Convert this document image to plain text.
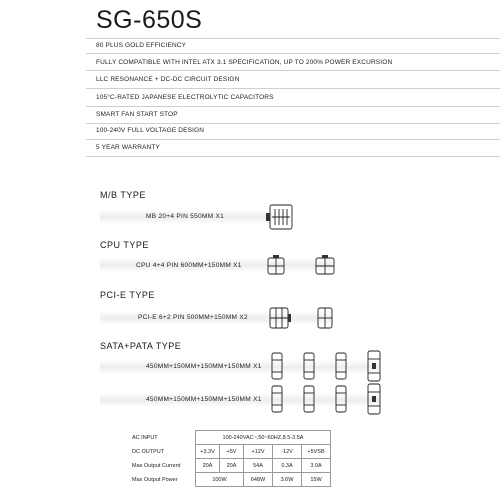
SG-650S
80 PLUS GOLD EFFICIENCY
FULLY COMPATIBLE WITH INTEL ATX 3.1 SPECIFICATION, UP TO 200% POWER EXCURSION
LLC RESONANCE + DC-DC CIRCUIT DESIGN
105°C-RATED JAPANESE ELECTROLYTIC CAPACITORS
SMART FAN START STOP
100-240V FULL VOLTAGE DESIGN
5 YEAR WARRANTY
M/B TYPE
MB 20+4 PIN 550MM X1
CPU TYPE
CPU 4+4 PIN 600MM+150MM X1
PCI-E TYPE
PCI-E 6+2 PIN 500MM+150MM X2
SATA+PATA TYPE
450MM+150MM+150MM+150MM X1
450MM+150MM+150MM+150MM X1
AC INPUT	100-240VAC~,50~60HZ,8.5-3.5A				
DC OUTPUT	+3.3V	+5V	+12V	-12V	+5VSB
Max Output Current	20A	20A	54A	0.3A	3.0A
Max Output Power	100W		648W	3.6W	15W
